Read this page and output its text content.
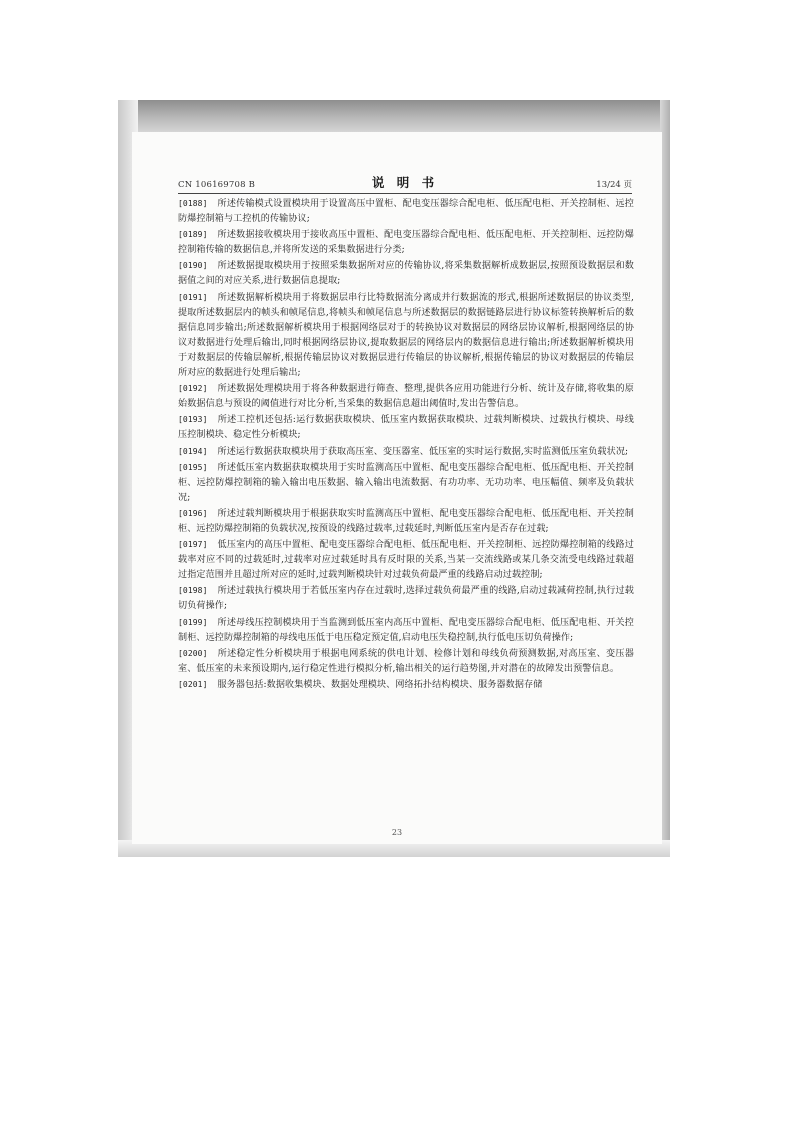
CN 106169708 B	说 明 书	13/24 页

[0188] 所述传输模式设置模块用于设置高压中置柜、配电变压器综合配电柜、低压配电柜、开关控制柜、远控防爆控制箱与工控机的传输协议;

[0189] 所述数据接收模块用于接收高压中置柜、配电变压器综合配电柜、低压配电柜、开关控制柜、远控防爆控制箱传输的数据信息,并将所发送的采集数据进行分类;

[0190] 所述数据提取模块用于按照采集数据所对应的传输协议,将采集数据解析成数据层,按照预设数据层和数据值之间的对应关系,进行数据信息提取;

[0191] 所述数据解析模块用于将数据层串行比特数据流分离成并行数据流的形式,根据所述数据层的协议类型,提取所述数据层内的帧头和帧尾信息,将帧头和帧尾信息与所述数据层的数据链路层进行协议标签转换解析后的数据信息同步输出;所述数据解析模块用于根据网络层对于的转换协议对数据层的网络层协议解析,根据网络层的协议对数据进行处理后输出,同时根据网络层协议,提取数据层的网络层内的数据信息进行输出;所述数据解析模块用于对数据层的传输层解析,根据传输层协议对数据层进行传输层的协议解析,根据传输层的协议对数据层的传输层所对应的数据进行处理后输出;

[0192] 所述数据处理模块用于将各种数据进行筛查、整理,提供各应用功能进行分析、统计及存储,将收集的原始数据信息与预设的阈值进行对比分析,当采集的数据信息超出阈值时,发出告警信息。

[0193] 所述工控机还包括:运行数据获取模块、低压室内数据获取模块、过载判断模块、过载执行模块、母线压控制模块、稳定性分析模块;

[0194] 所述运行数据获取模块用于获取高压室、变压器室、低压室的实时运行数据,实时监测低压室负载状况;

[0195] 所述低压室内数据获取模块用于实时监测高压中置柜、配电变压器综合配电柜、低压配电柜、开关控制柜、远控防爆控制箱的输入输出电压数据、输入输出电流数据、有功功率、无功功率、电压幅值、频率及负载状况;

[0196] 所述过载判断模块用于根据获取实时监测高压中置柜、配电变压器综合配电柜、低压配电柜、开关控制柜、远控防爆控制箱的负载状况,按预设的线路过载率,过载延时,判断低压室内是否存在过载;

[0197] 低压室内的高压中置柜、配电变压器综合配电柜、低压配电柜、开关控制柜、远控防爆控制箱的线路过载率对应不同的过载延时,过载率对应过载延时具有反时限的关系,当某一交流线路或某几条交流受电线路过载超过指定范围并且超过所对应的延时,过载判断模块针对过载负荷最严重的线路启动过载控制;

[0198] 所述过载执行模块用于若低压室内存在过载时,选择过载负荷最严重的线路,启动过载减荷控制,执行过载切负荷操作;

[0199] 所述母线压控制模块用于当监测到低压室内高压中置柜、配电变压器综合配电柜、低压配电柜、开关控制柜、远控防爆控制箱的母线电压低于电压稳定预定值,启动电压失稳控制,执行低电压切负荷操作;

[0200] 所述稳定性分析模块用于根据电网系统的供电计划、检修计划和母线负荷预测数据,对高压室、变压器室、低压室的未来预设期内,运行稳定性进行模拟分析,输出相关的运行趋势图,并对潜在的故障发出预警信息。

[0201] 服务器包括:数据收集模块、数据处理模块、网络拓扑结构模块、服务器数据存储

23
